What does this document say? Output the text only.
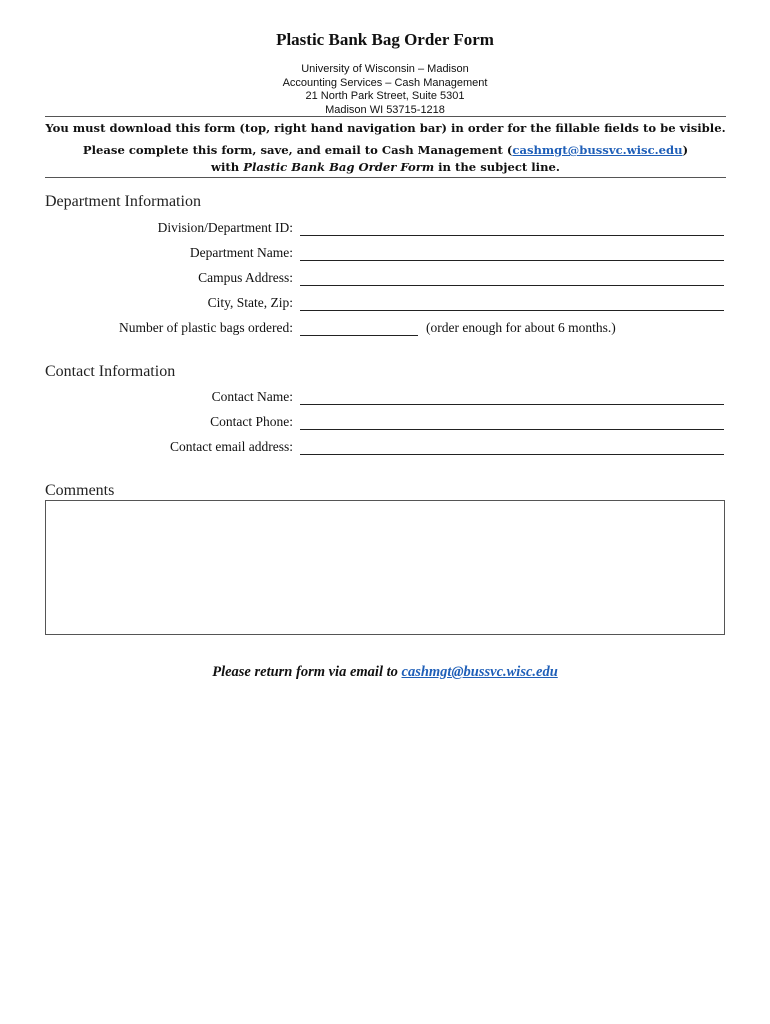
Plastic Bank Bag Order Form
University of Wisconsin – Madison
Accounting Services – Cash Management
21 North Park Street, Suite 5301
Madison WI 53715-1218
You must download this form (top, right hand navigation bar) in order for the fillable fields to be visible.
Please complete this form, save, and email to Cash Management (cashmgt@bussvc.wisc.edu)
with Plastic Bank Bag Order Form in the subject line.
Department Information
Division/Department ID:
Department Name:
Campus Address:
City, State, Zip:
Number of plastic bags ordered:	(order enough for about 6 months.)
Contact Information
Contact Name:
Contact Phone:
Contact email address:
Comments
Please return form via email to cashmgt@bussvc.wisc.edu
